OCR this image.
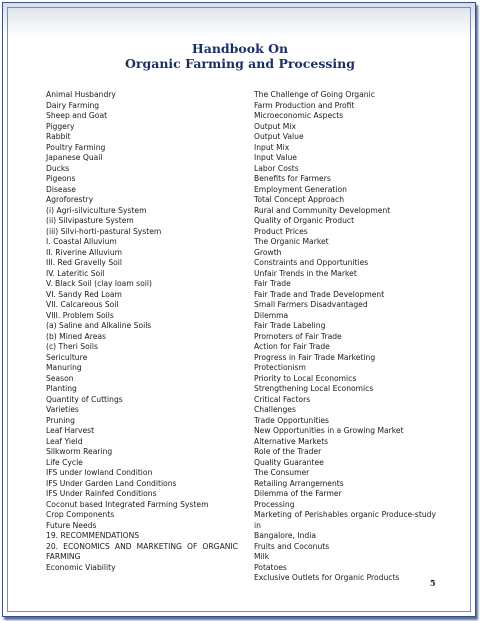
Handbook On
Organic Farming and Processing
Animal Husbandry
Dairy Farming
Sheep and Goat
Piggery
Rabbit
Poultry Farming
Japanese Quail
Ducks
Pigeons
Disease
Agroforestry
(i) Agri-silviculture System
(ii) Silvipasture System
(iii) Silvi-horti-pastural System
I. Coastal Alluvium
II. Riverine Alluvium
III. Red Gravelly Soil
IV. Lateritic Soil
V. Black Soil (clay loam soil)
VI. Sandy Red Loam
VII. Calcareous Soil
VIII. Problem Soils
(a) Saline and Alkaline Soils
(b) Mined Areas
(c) Theri Soils
Sericulture
Manuring
Season
Planting
Quantity of Cuttings
Varieties
Pruning
Leaf Harvest
Leaf Yield
Silkworm Rearing
Life Cycle
IFS under lowland Condition
IFS Under Garden Land Conditions
IFS Under Rainfed Conditions
Coconut based Integrated Farming System
Crop Components
Future Needs
19. RECOMMENDATIONS
20. ECONOMICS AND MARKETING OF ORGANIC
FARMING
Economic Viability
The Challenge of Going Organic
Farm Production and Profit
Microeconomic Aspects
Output Mix
Output Value
Input Mix
Input Value
Labor Costs
Benefits for Farmers
Employment Generation
Total Concept Approach
Rural and Community Development
Quality of Organic Product
Product Prices
The Organic Market
Growth
Constraints and Opportunities
Unfair Trends in the Market
Fair Trade
Fair Trade and Trade Development
Small Farmers Disadvantaged
Dilemma
Fair Trade Labeling
Promoters of Fair Trade
Action for Fair Trade
Progress in Fair Trade Marketing
Protectionism
Priority to Local Economics
Strengthening Local Economics
Critical Factors
Challenges
Trade Opportunities
New Opportunities in a Growing Market
Alternative Markets
Role of the Trader
Quality Guarantee
The Consumer
Retailing Arrangements
Dilemma of the Farmer
Processing
Marketing of Perishables organic Produce-study in
Bangalore, India
Fruits and Coconuts
Milk
Potatoes
Exclusive Outlets for Organic Products
5
